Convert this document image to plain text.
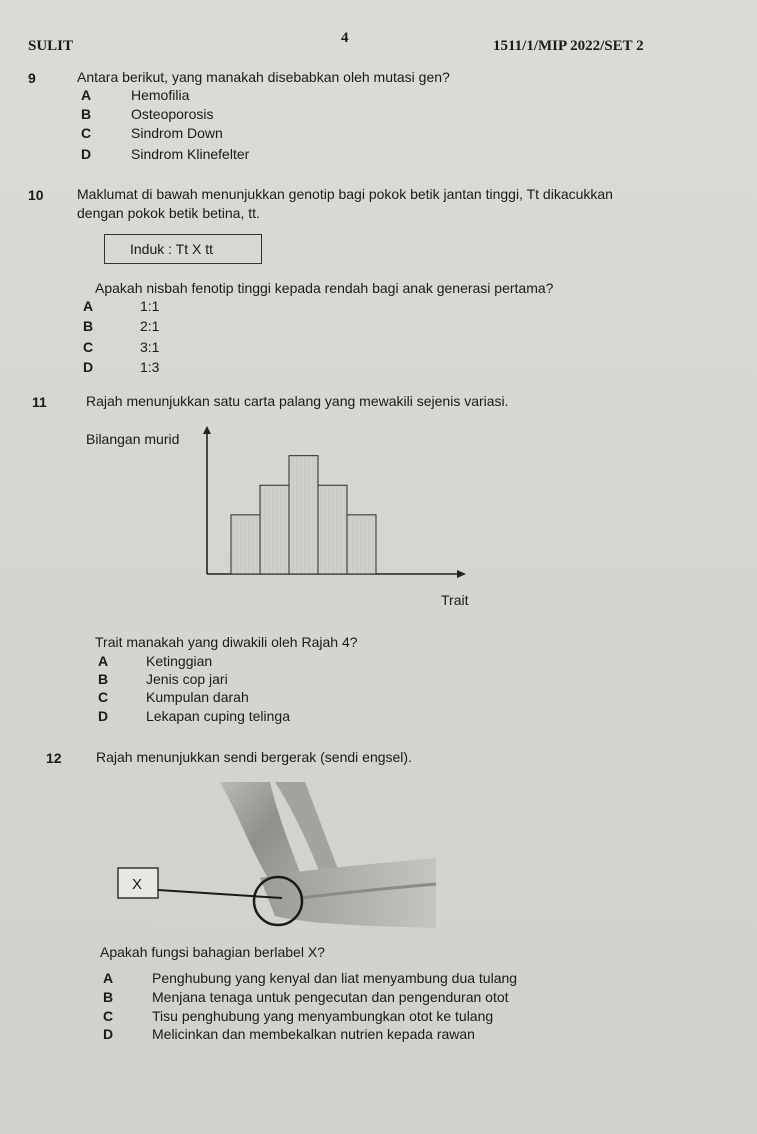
SULIT	4	1511/1/MIP 2022/SET 2
9	Antara berikut, yang manakah disebabkan oleh mutasi gen?
A	Hemofilia
B	Osteoporosis
C	Sindrom Down
D	Sindrom Klinefelter
10 Maklumat di bawah menunjukkan genotip bagi pokok betik jantan tinggi, Tt dikacukkan
dengan pokok betik betina, tt.
Induk : Tt X tt
Apakah nisbah fenotip tinggi kepada rendah bagi anak generasi pertama?
A	1:1
B	2:1
C	3:1
D	1:3
11	Rajah menunjukkan satu carta palang yang mewakili sejenis variasi.
Bilangan murid
Trait
Trait manakah yang diwakili oleh Rajah 4?
A	Ketinggian
B	Jenis cop jari
C	Kumpulan darah
D	Lekapan cuping telinga
12 Rajah menunjukkan sendi bergerak (sendi engsel).
X
Apakah fungsi bahagian berlabel X?
A	Penghubung yang kenyal dan liat menyambung dua tulang
B	Menjana tenaga untuk pengecutan dan pengenduran otot
C	Tisu penghubung yang menyambungkan otot ke tulang
D	Melicinkan dan membekalkan nutrien kepada rawan
